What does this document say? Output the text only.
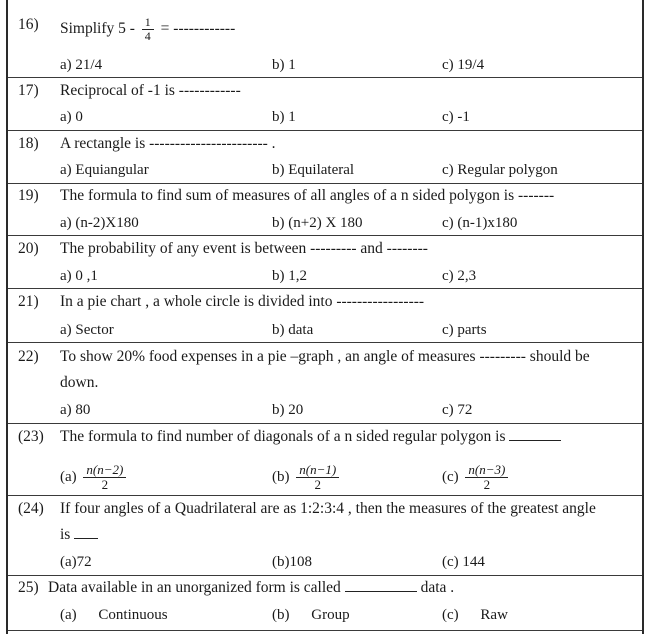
16) Simplify $5 - \frac{1}{4}$ = ------------
a) 21/4	b) 1	c) 19/4
17) Reciprocal of -1 is ------------
a) 0	b) 1	c) -1
18) A rectangle is ----------------------- .
a) Equiangular	b) Equilateral	c) Regular polygon
19) The formula to find sum of measures of all angles of a n sided polygon is -------
a) (n-2)X180	b) (n+2) X 180	c) (n-1)x180
20) The probability of any event is between --------- and --------
a) 0 ,1	b) 1,2	c) 2,3
21) In a pie chart , a whole circle is divided into -----------------
a) Sector	b) data	c) parts
22) To show 20% food expenses in a pie –graph , an angle of measures --------- should be
down.
a) 80	b) 20	c) 72
(23) The formula to find number of diagonals of a n sided regular polygon is
$(a) \frac{n(n-2)}{2}$	$(b) \frac{n(n-1)}{2}$	$(c) \frac{n(n-3)}{2}$
(24) If four angles of a Quadrilateral are as 1:2:3:4 , then the measures of the greatest angle
is
(a)72	(b)108	(c) 144
25) Data available in an unorganized form is called	data .
(a) Continuous	(b) Group	(c) Raw
